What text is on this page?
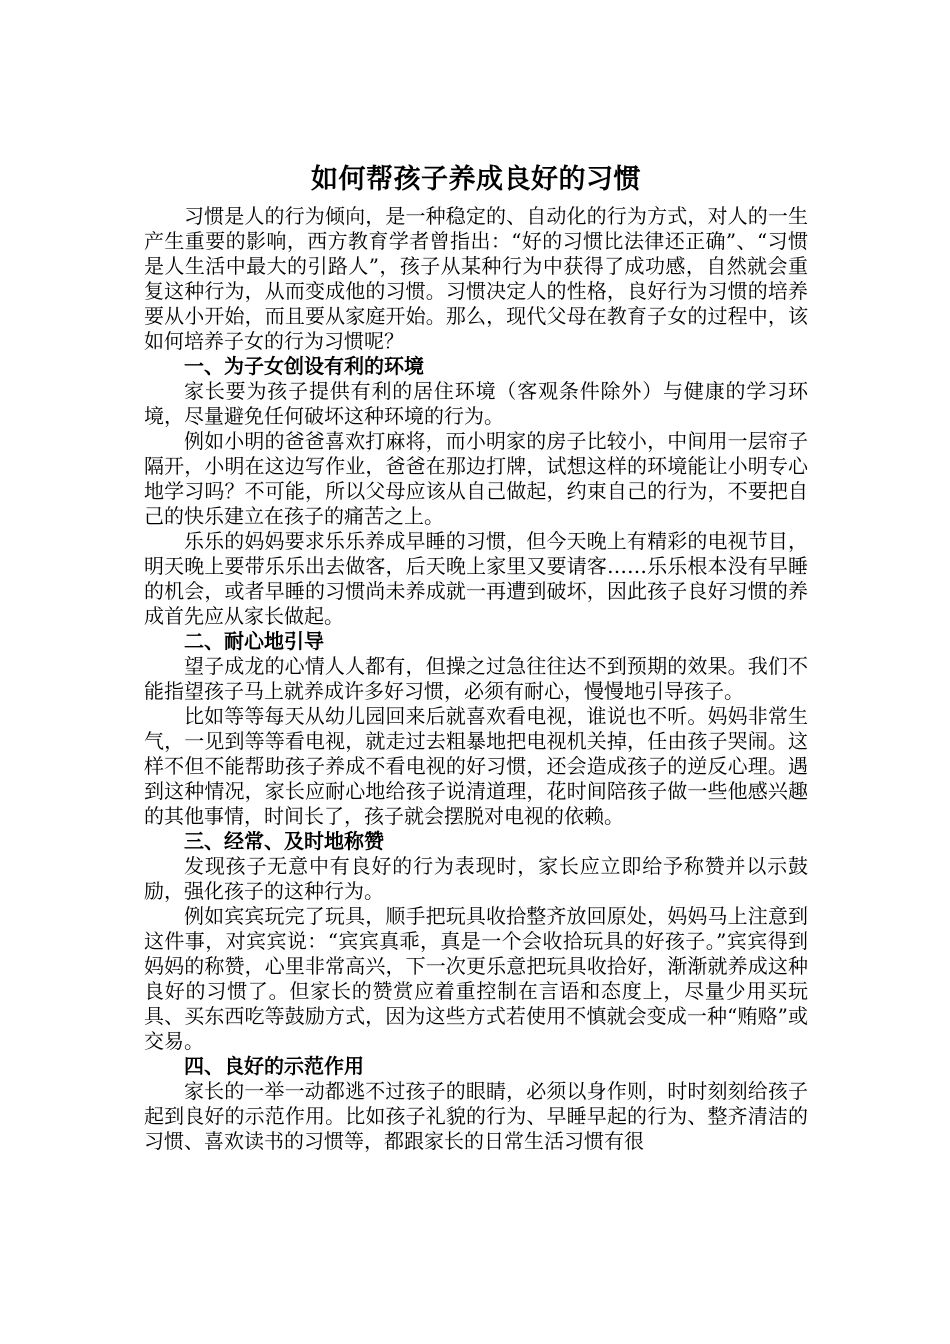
如何帮孩子养成良好的习惯

习惯是人的行为倾向，是一种稳定的、自动化的行为方式，对人的一生产生重要的影响，西方教育学者曾指出：“好的习惯比法律还正确”、“习惯是人生活中最大的引路人”，孩子从某种行为中获得了成功感，自然就会重复这种行为，从而变成他的习惯。习惯决定人的性格，良好行为习惯的培养要从小开始，而且要从家庭开始。那么，现代父母在教育子女的过程中，该如何培养子女的行为习惯呢？

一、为子女创设有利的环境

家长要为孩子提供有利的居住环境（客观条件除外）与健康的学习环境，尽量避免任何破坏这种环境的行为。

例如小明的爸爸喜欢打麻将，而小明家的房子比较小，中间用一层帘子隔开，小明在这边写作业，爸爸在那边打牌，试想这样的环境能让小明专心地学习吗？不可能，所以父母应该从自己做起，约束自己的行为，不要把自己的快乐建立在孩子的痛苦之上。

乐乐的妈妈要求乐乐养成早睡的习惯，但今天晚上有精彩的电视节目，明天晚上要带乐乐出去做客，后天晚上家里又要请客……乐乐根本没有早睡的机会，或者早睡的习惯尚未养成就一再遭到破坏，因此孩子良好习惯的养成首先应从家长做起。

二、耐心地引导

望子成龙的心情人人都有，但操之过急往往达不到预期的效果。我们不能指望孩子马上就养成许多好习惯，必须有耐心，慢慢地引导孩子。

比如等等每天从幼儿园回来后就喜欢看电视，谁说也不听。妈妈非常生气，一见到等等看电视，就走过去粗暴地把电视机关掉，任由孩子哭闹。这样不但不能帮助孩子养成不看电视的好习惯，还会造成孩子的逆反心理。遇到这种情况，家长应耐心地给孩子说清道理，花时间陪孩子做一些他感兴趣的其他事情，时间长了，孩子就会摆脱对电视的依赖。

三、经常、及时地称赞

发现孩子无意中有良好的行为表现时，家长应立即给予称赞并以示鼓励，强化孩子的这种行为。

例如宾宾玩完了玩具，顺手把玩具收拾整齐放回原处，妈妈马上注意到这件事，对宾宾说：“宾宾真乖，真是一个会收拾玩具的好孩子。”宾宾得到妈妈的称赞，心里非常高兴，下一次更乐意把玩具收拾好，渐渐就养成这种良好的习惯了。但家长的赞赏应着重控制在言语和态度上，尽量少用买玩具、买东西吃等鼓励方式，因为这些方式若使用不慎就会变成一种“贿赂”或交易。

四、良好的示范作用

家长的一举一动都逃不过孩子的眼睛，必须以身作则，时时刻刻给孩子起到良好的示范作用。比如孩子礼貌的行为、早睡早起的行为、整齐清洁的习惯、喜欢读书的习惯等，都跟家长的日常生活习惯有很
